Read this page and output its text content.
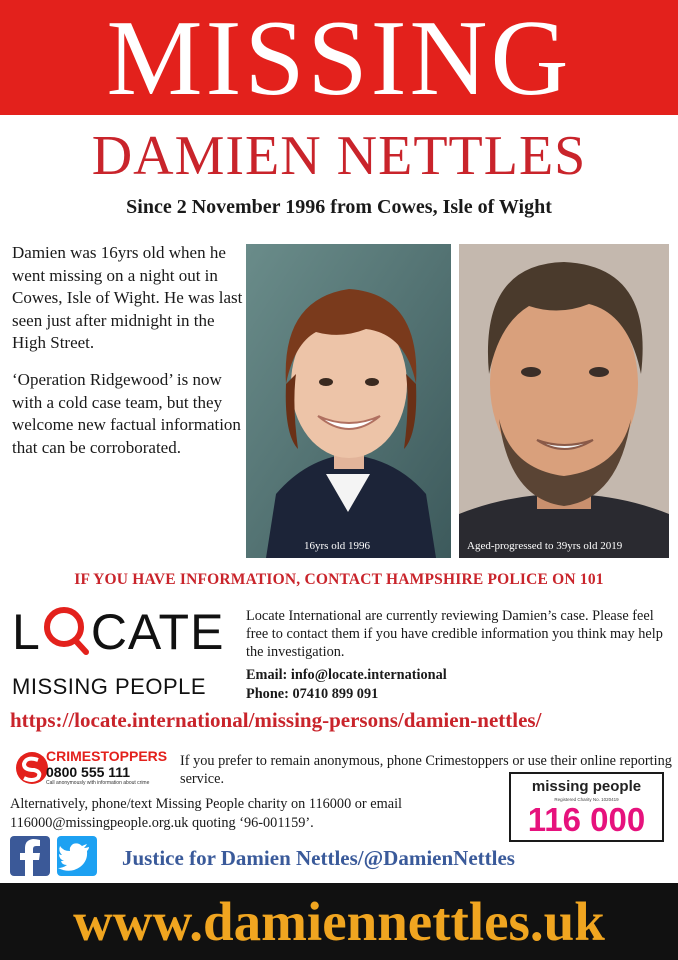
MISSING
DAMIEN NETTLES
Since 2 November 1996 from Cowes, Isle of Wight

Damien was 16yrs old when he went missing on a night out in Cowes, Isle of Wight. He was last seen just after midnight in the High Street.

‘Operation Ridgewood’ is now with a cold case team, but they welcome new factual information that can be corroborated.

16yrs old 1996	Aged-progressed to 39yrs old 2019
IF YOU HAVE INFORMATION, CONTACT HAMPSHIRE POLICE ON 101
L CATE
MISSING PEOPLE
Locate International are currently reviewing Damien’s case. Please feel free to contact them if you have credible information you think may help the investigation.
Email: info@locate.international
Phone: 07410 899 091
https://locate.international/missing-persons/damien-nettles/
CRIMESTOPPERS
0800 555 111
Call anonymously with information about crime
If you prefer to remain anonymous, phone Crimestoppers or use their online reporting service.
Alternatively, phone/text Missing People charity on 116000 or email 116000@missingpeople.org.uk quoting ‘96-001159’.
missing people
Registered Charity No. 1020419
116 000
Justice for Damien Nettles/@DamienNettles
www.damiennettles.uk
